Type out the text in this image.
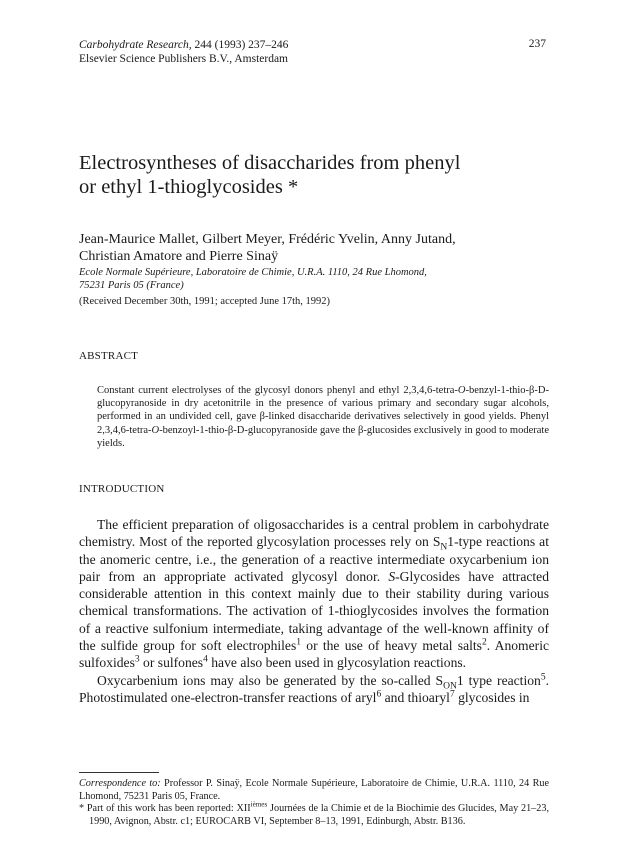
Carbohydrate Research, 244 (1993) 237–246
Elsevier Science Publishers B.V., Amsterdam
237
Electrosyntheses of disaccharides from phenyl
or ethyl 1-thioglycosides *
Jean-Maurice Mallet, Gilbert Meyer, Frédéric Yvelin, Anny Jutand,
Christian Amatore and Pierre Sinaÿ
Ecole Normale Supérieure, Laboratoire de Chimie, U.R.A. 1110, 24 Rue Lhomond,
75231 Paris 05 (France)
(Received December 30th, 1991; accepted June 17th, 1992)
ABSTRACT
Constant current electrolyses of the glycosyl donors phenyl and ethyl 2,3,4,6-tetra-O-benzyl-1-thio-β-D-glucopyranoside in dry acetonitrile in the presence of various primary and secondary sugar alcohols, performed in an undivided cell, gave β-linked disaccharide derivatives selectively in good yields. Phenyl 2,3,4,6-tetra-O-benzoyl-1-thio-β-D-glucopyranoside gave the β-glucosides exclusively in good to moderate yields.
INTRODUCTION

The efficient preparation of oligosaccharides is a central problem in carbohydrate chemistry. Most of the reported glycosylation processes rely on $S_N1$-type reactions at the anomeric centre, i.e., the generation of a reactive intermediate oxycarbenium ion pair from an appropriate activated glycosyl donor. S-Glycosides have attracted considerable attention in this context mainly due to their stability during various chemical transformations. The activation of 1-thioglycosides involves the formation of a reactive sulfonium intermediate, taking advantage of the well-known affinity of the sulfide group for soft electrophiles$^1$ or the use of heavy metal salts$^2$. Anomeric sulfoxides$^3$ or sulfones$^4$ have also been used in glycosylation reactions.

Oxycarbenium ions may also be generated by the so-called $S_{ON}1$ type reaction$^5$. Photostimulated one-electron-transfer reactions of aryl$^6$ and thioaryl$^7$ glycosides in

Correspondence to: Professor P. Sinaÿ, Ecole Normale Supérieure, Laboratoire de Chimie, U.R.A. 1110, 24 Rue Lhomond, 75231 Paris 05, France.
* Part of this work has been reported: $XII^{ièmes}$ Journées de la Chimie et de la Biochimie des Glucides, May 21–23, 1990, Avignon, Abstr. c1; EUROCARB VI, September 8–13, 1991, Edinburgh, Abstr. B136.
